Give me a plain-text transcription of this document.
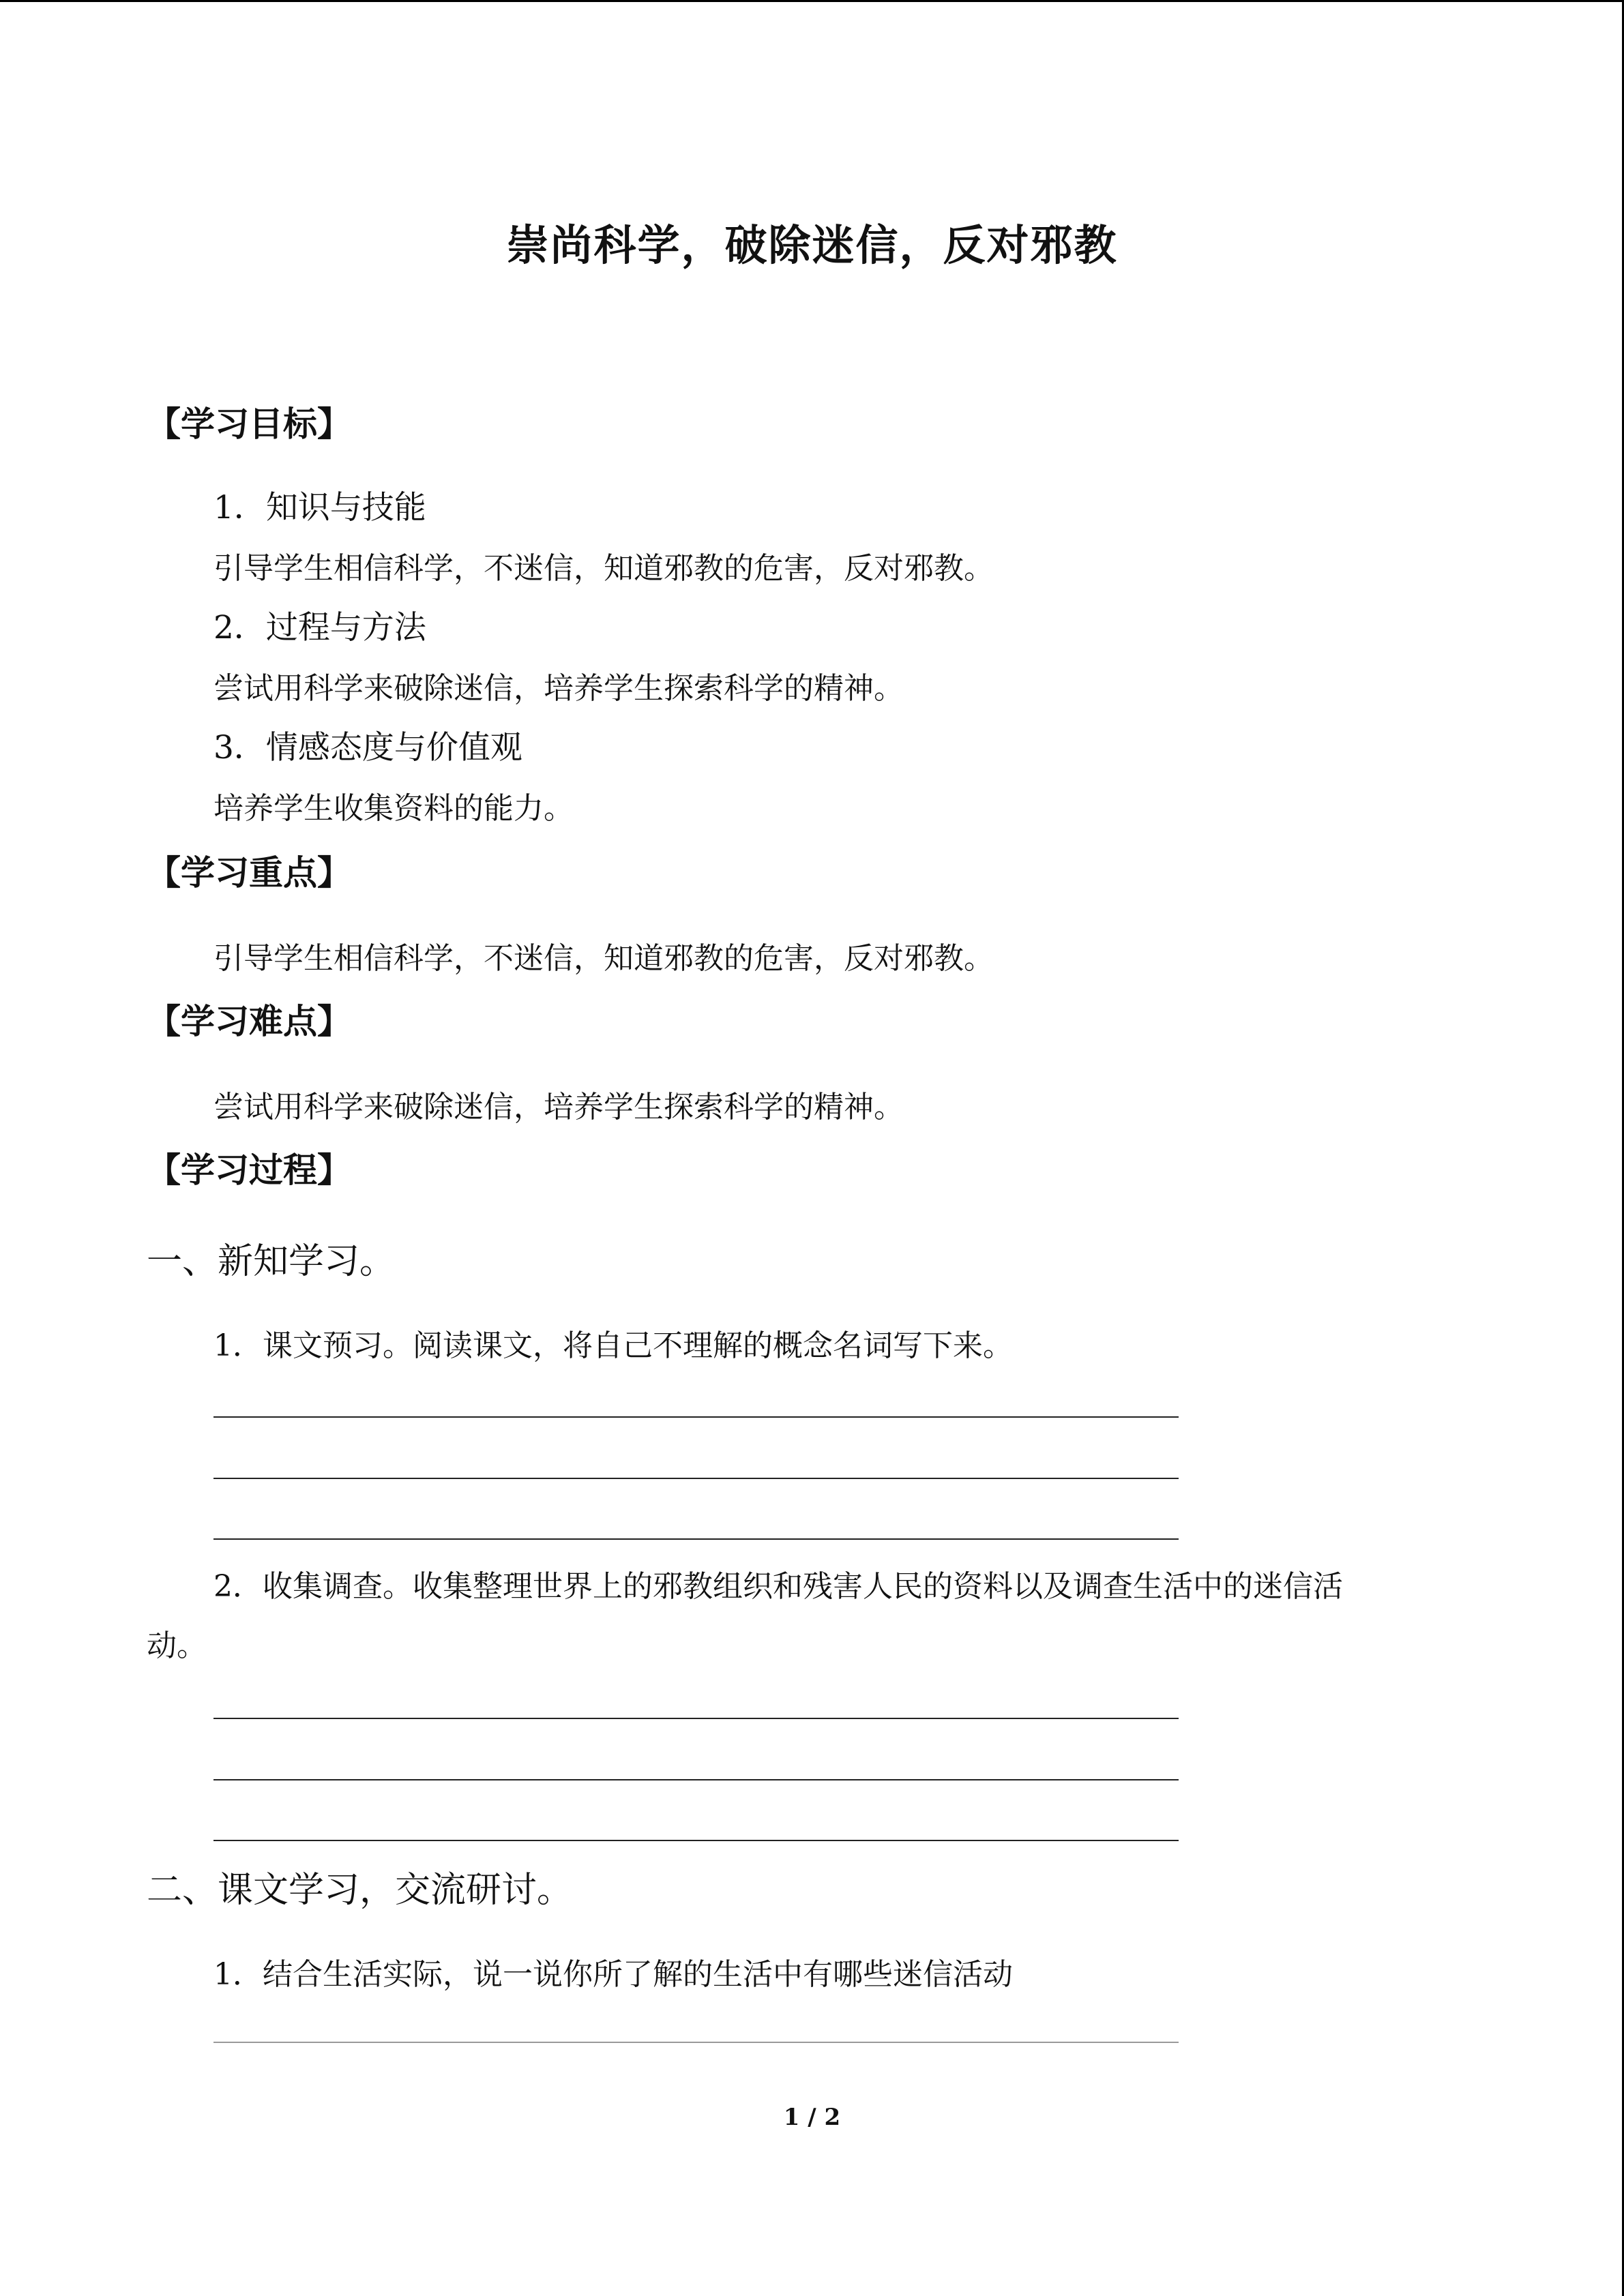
崇尚科学，破除迷信，反对邪教
【学习目标】
1．知识与技能
引导学生相信科学，不迷信，知道邪教的危害，反对邪教。
2．过程与方法
尝试用科学来破除迷信，培养学生探索科学的精神。
3．情感态度与价值观
培养学生收集资料的能力。
【学习重点】
引导学生相信科学，不迷信，知道邪教的危害，反对邪教。
【学习难点】
尝试用科学来破除迷信，培养学生探索科学的精神。
【学习过程】
一、新知学习。
1．课文预习。阅读课文，将自己不理解的概念名词写下来。
2．收集调查。收集整理世界上的邪教组织和残害人民的资料以及调查生活中的迷信活
动。
二、课文学习，交流研讨。
1．结合生活实际，说一说你所了解的生活中有哪些迷信活动
1 / 2
